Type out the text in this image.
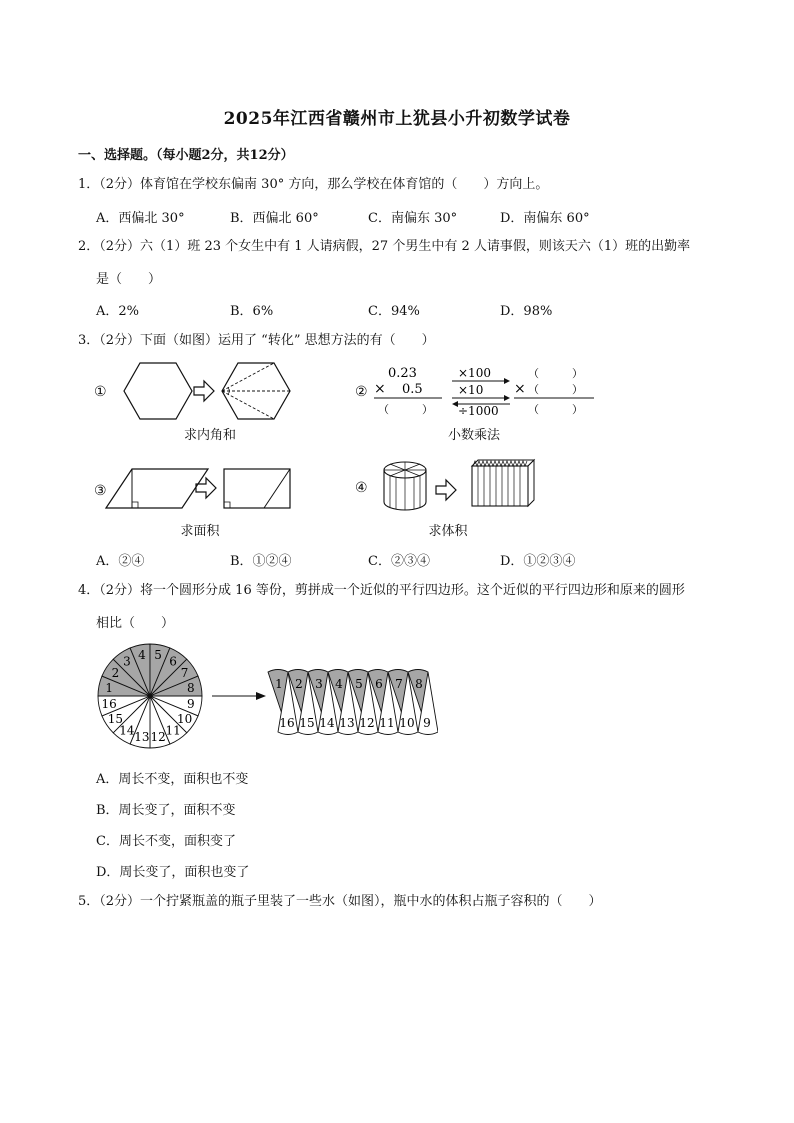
2025年江西省赣州市上犹县小升初数学试卷
一、选择题。（每小题2分，共12分）
1．（2分）体育馆在学校东偏南 30° 方向，那么学校在体育馆的（　　）方向上。
A．西偏北 30°	B．西偏北 60°	C．南偏东 30°	D．南偏东 60°
2．（2分）六（1）班 23 个女生中有 1 人请病假，27 个男生中有 2 人请事假，则该天六（1）班的出勤率
是（　　）
A．2%	B．6%	C．94%	D．98%
3．（2分）下面（如图）运用了 “转化” 思想方法的有（　　）
①
求内角和
②
0.23
× 0.5
（　　　）
×100
×10
÷1000
（　　　）
× （　　　）
（　　　）
小数乘法
③
求面积
④
求体积
A．②④	B．①②④	C．②③④	D．①②③④
4．（2分）将一个圆形分成 16 等份，剪拼成一个近似的平行四边形。这个近似的平行四边形和原来的圆形
相比（　　）
1
2
3 4 5 6
7
8
9
10
11
12
13
14
15
16
1
16
2
15
3
14
4
13
5
12
6
11
7
10
8
9
A．周长不变，面积也不变
B．周长变了，面积不变
C．周长不变，面积变了
D．周长变了，面积也变了
5．（2分）一个拧紧瓶盖的瓶子里装了一些水（如图），瓶中水的体积占瓶子容积的（　　）
